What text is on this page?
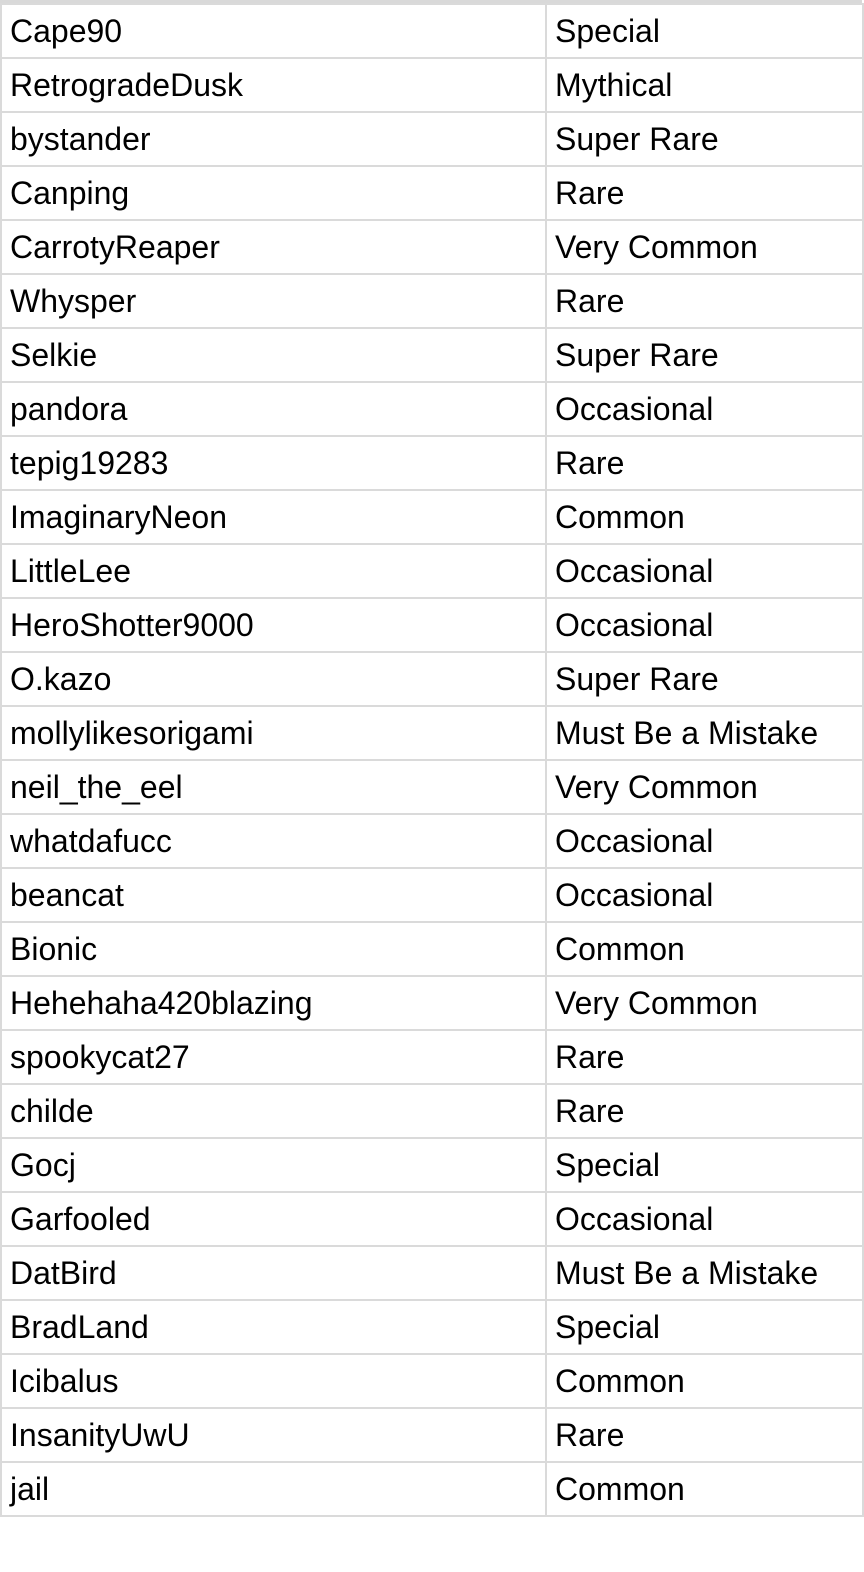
Cape90	Special
RetrogradeDusk	Mythical
bystander	Super Rare
Canping	Rare
CarrotyReaper	Very Common
Whysper	Rare
Selkie	Super Rare
pandora	Occasional
tepig19283	Rare
ImaginaryNeon	Common
LittleLee	Occasional
HeroShotter9000	Occasional
O.kazo	Super Rare
mollylikesorigami	Must Be a Mistake
neil_the_eel	Very Common
whatdafucc	Occasional
beancat	Occasional
Bionic	Common
Hehehaha420blazing	Very Common
spookycat27	Rare
childe	Rare
Gocj	Special
Garfooled	Occasional
DatBird	Must Be a Mistake
BradLand	Special
Icibalus	Common
InsanityUwU	Rare
jail	Common
